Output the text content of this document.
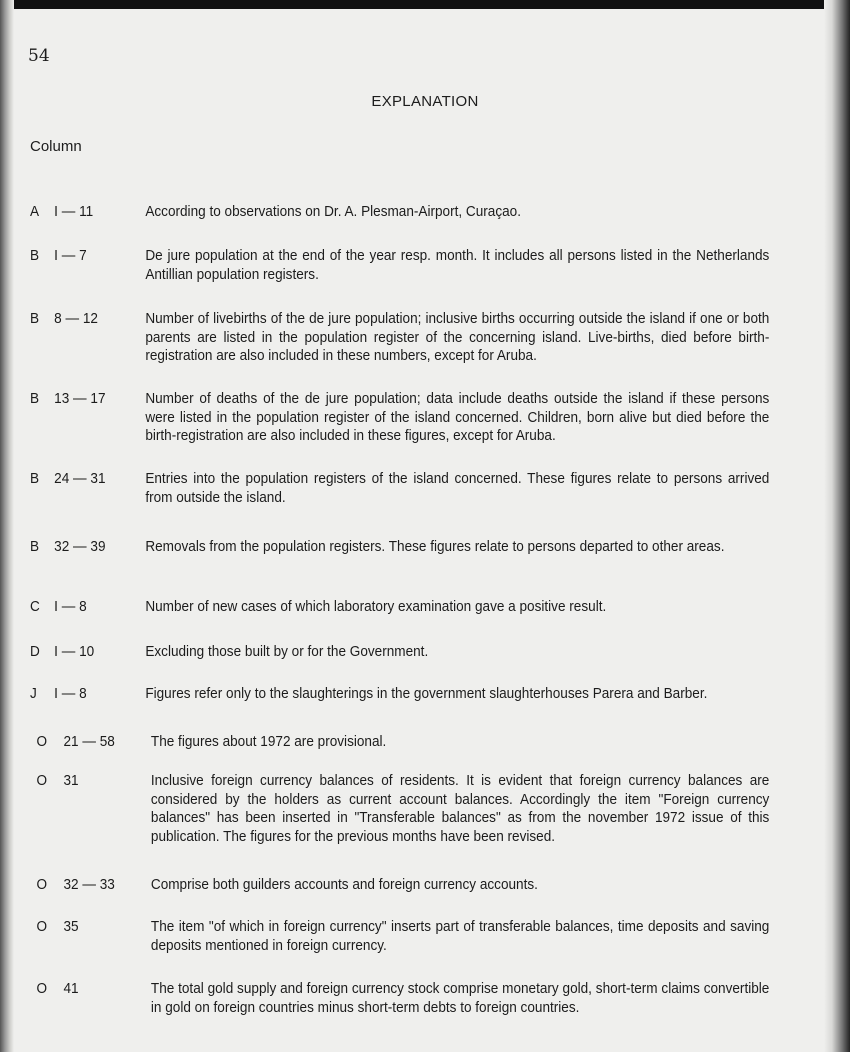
54
EXPLANATION
Column
A I — 11	According to observations on Dr. A. Plesman-Airport, Curaçao.
B I — 7	De jure population at the end of the year resp. month. It includes all persons listed in the Netherlands Antillian population registers.
B 8 — 12	Number of livebirths of the de jure population; inclusive births occurring outside the island if one or both parents are listed in the population register of the concerning island. Live-births, died before birth-registration are also included in these numbers, except for Aruba.
B 13 — 17	Number of deaths of the de jure population; data include deaths outside the island if these persons were listed in the population register of the island concerned. Children, born alive but died before the birth-registration are also included in these figures, except for Aruba.
B 24 — 31	Entries into the population registers of the island concerned. These figures relate to persons arrived from outside the island.
B 32 — 39	Removals from the population registers. These figures relate to persons departed to other areas.
C I — 8	Number of new cases of which laboratory examination gave a positive result.
D I — 10	Excluding those built by or for the Government.
J I — 8	Figures refer only to the slaughterings in the government slaughterhouses Parera and Barber.
O 21 — 58	The figures about 1972 are provisional.
O 31	Inclusive foreign currency balances of residents. It is evident that foreign currency balances are considered by the holders as current account balances. Accordingly the item "Foreign currency balances" has been inserted in "Transferable balances" as from the november 1972 issue of this publication. The figures for the previous months have been revised.
O 32 — 33	Comprise both guilders accounts and foreign currency accounts.
O 35	The item "of which in foreign currency" inserts part of transferable balances, time deposits and saving deposits mentioned in foreign currency.
O 41	The total gold supply and foreign currency stock comprise monetary gold, short-term claims convertible in gold on foreign countries minus short-term debts to foreign countries.
